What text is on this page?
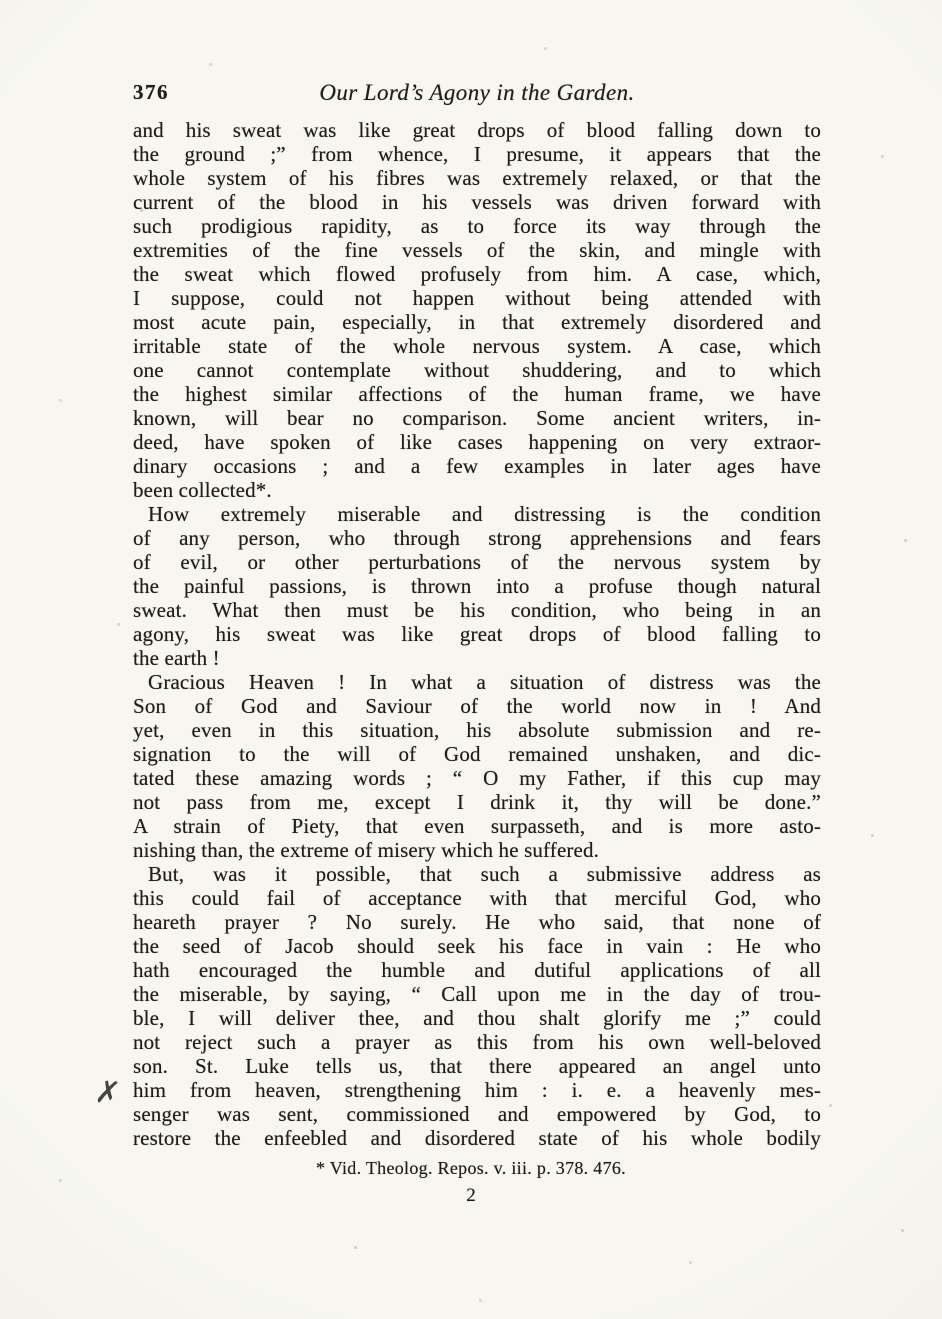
Our Lord’s Agony in the Garden.
376
and his sweat was like great drops of blood falling down to
the ground ;” from whence, I presume, it appears that the
whole system of his fibres was extremely relaxed, or that the
current of the blood in his vessels was driven forward with
such prodigious rapidity, as to force its way through the
extremities of the fine vessels of the skin, and mingle with
the sweat which flowed profusely from him. A case, which,
I suppose, could not happen without being attended with
most acute pain, especially, in that extremely disordered and
irritable state of the whole nervous system. A case, which
one cannot contemplate without shuddering, and to which
the highest similar affections of the human frame, we have
known, will bear no comparison. Some ancient writers, in-
deed, have spoken of like cases happening on very extraor-
dinary occasions ; and a few examples in later ages have
been collected*.
How extremely miserable and distressing is the condition
of any person, who through strong apprehensions and fears
of evil, or other perturbations of the nervous system by
the painful passions, is thrown into a profuse though natural
sweat. What then must be his condition, who being in an
agony, his sweat was like great drops of blood falling to
the earth !
Gracious Heaven ! In what a situation of distress was the
Son of God and Saviour of the world now in ! And
yet, even in this situation, his absolute submission and re-
signation to the will of God remained unshaken, and dic-
tated these amazing words ; “ O my Father, if this cup may
not pass from me, except I drink it, thy will be done.”
A strain of Piety, that even surpasseth, and is more asto-
nishing than, the extreme of misery which he suffered.
But, was it possible, that such a submissive address as
this could fail of acceptance with that merciful God, who
heareth prayer ? No surely. He who said, that none of
the seed of Jacob should seek his face in vain : He who
hath encouraged the humble and dutiful applications of all
the miserable, by saying, “ Call upon me in the day of trou-
ble, I will deliver thee, and thou shalt glorify me ;” could
not reject such a prayer as this from his own well-beloved
son. St. Luke tells us, that there appeared an angel unto
him from heaven, strengthening him : i. e. a heavenly mes-
senger was sent, commissioned and empowered by God, to
restore the enfeebled and disordered state of his whole bodily
✗
* Vid. Theolog. Repos. v. iii. p. 378. 476.
2
